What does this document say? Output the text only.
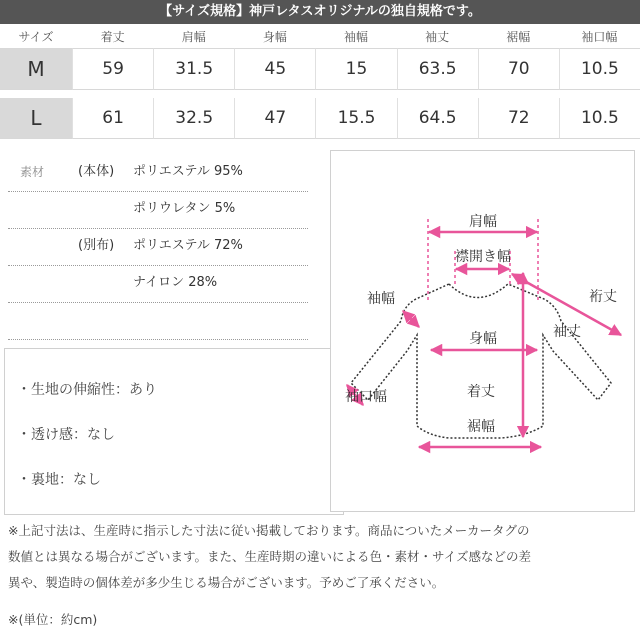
【サイズ規格】神戸レタスオリジナルの独自規格です。
サイズ	着丈	肩幅	身幅	袖幅	袖丈	裾幅	袖口幅
M	59	31.5	45	15	63.5	70	10.5

L	61	32.5	47	15.5	64.5	72	10.5
素材	(本体) ポリエステル 95%
ポリウレタン 5%
(別布) ポリエステル 72%
ナイロン 28%
・生地の伸縮性：あり
・透け感：なし
・裏地：なし
肩幅
襟開き幅
袖幅	裄丈
袖丈
身幅
袖口幅	着丈
裾幅
※上記寸法は、生産時に指示した寸法に従い掲載しております。商品についたメーカータグの
数値とは異なる場合がございます。また、生産時期の違いによる色・素材・サイズ感などの差
異や、製造時の個体差が多少生じる場合がございます。予めご了承ください。
※(単位：約cm)
